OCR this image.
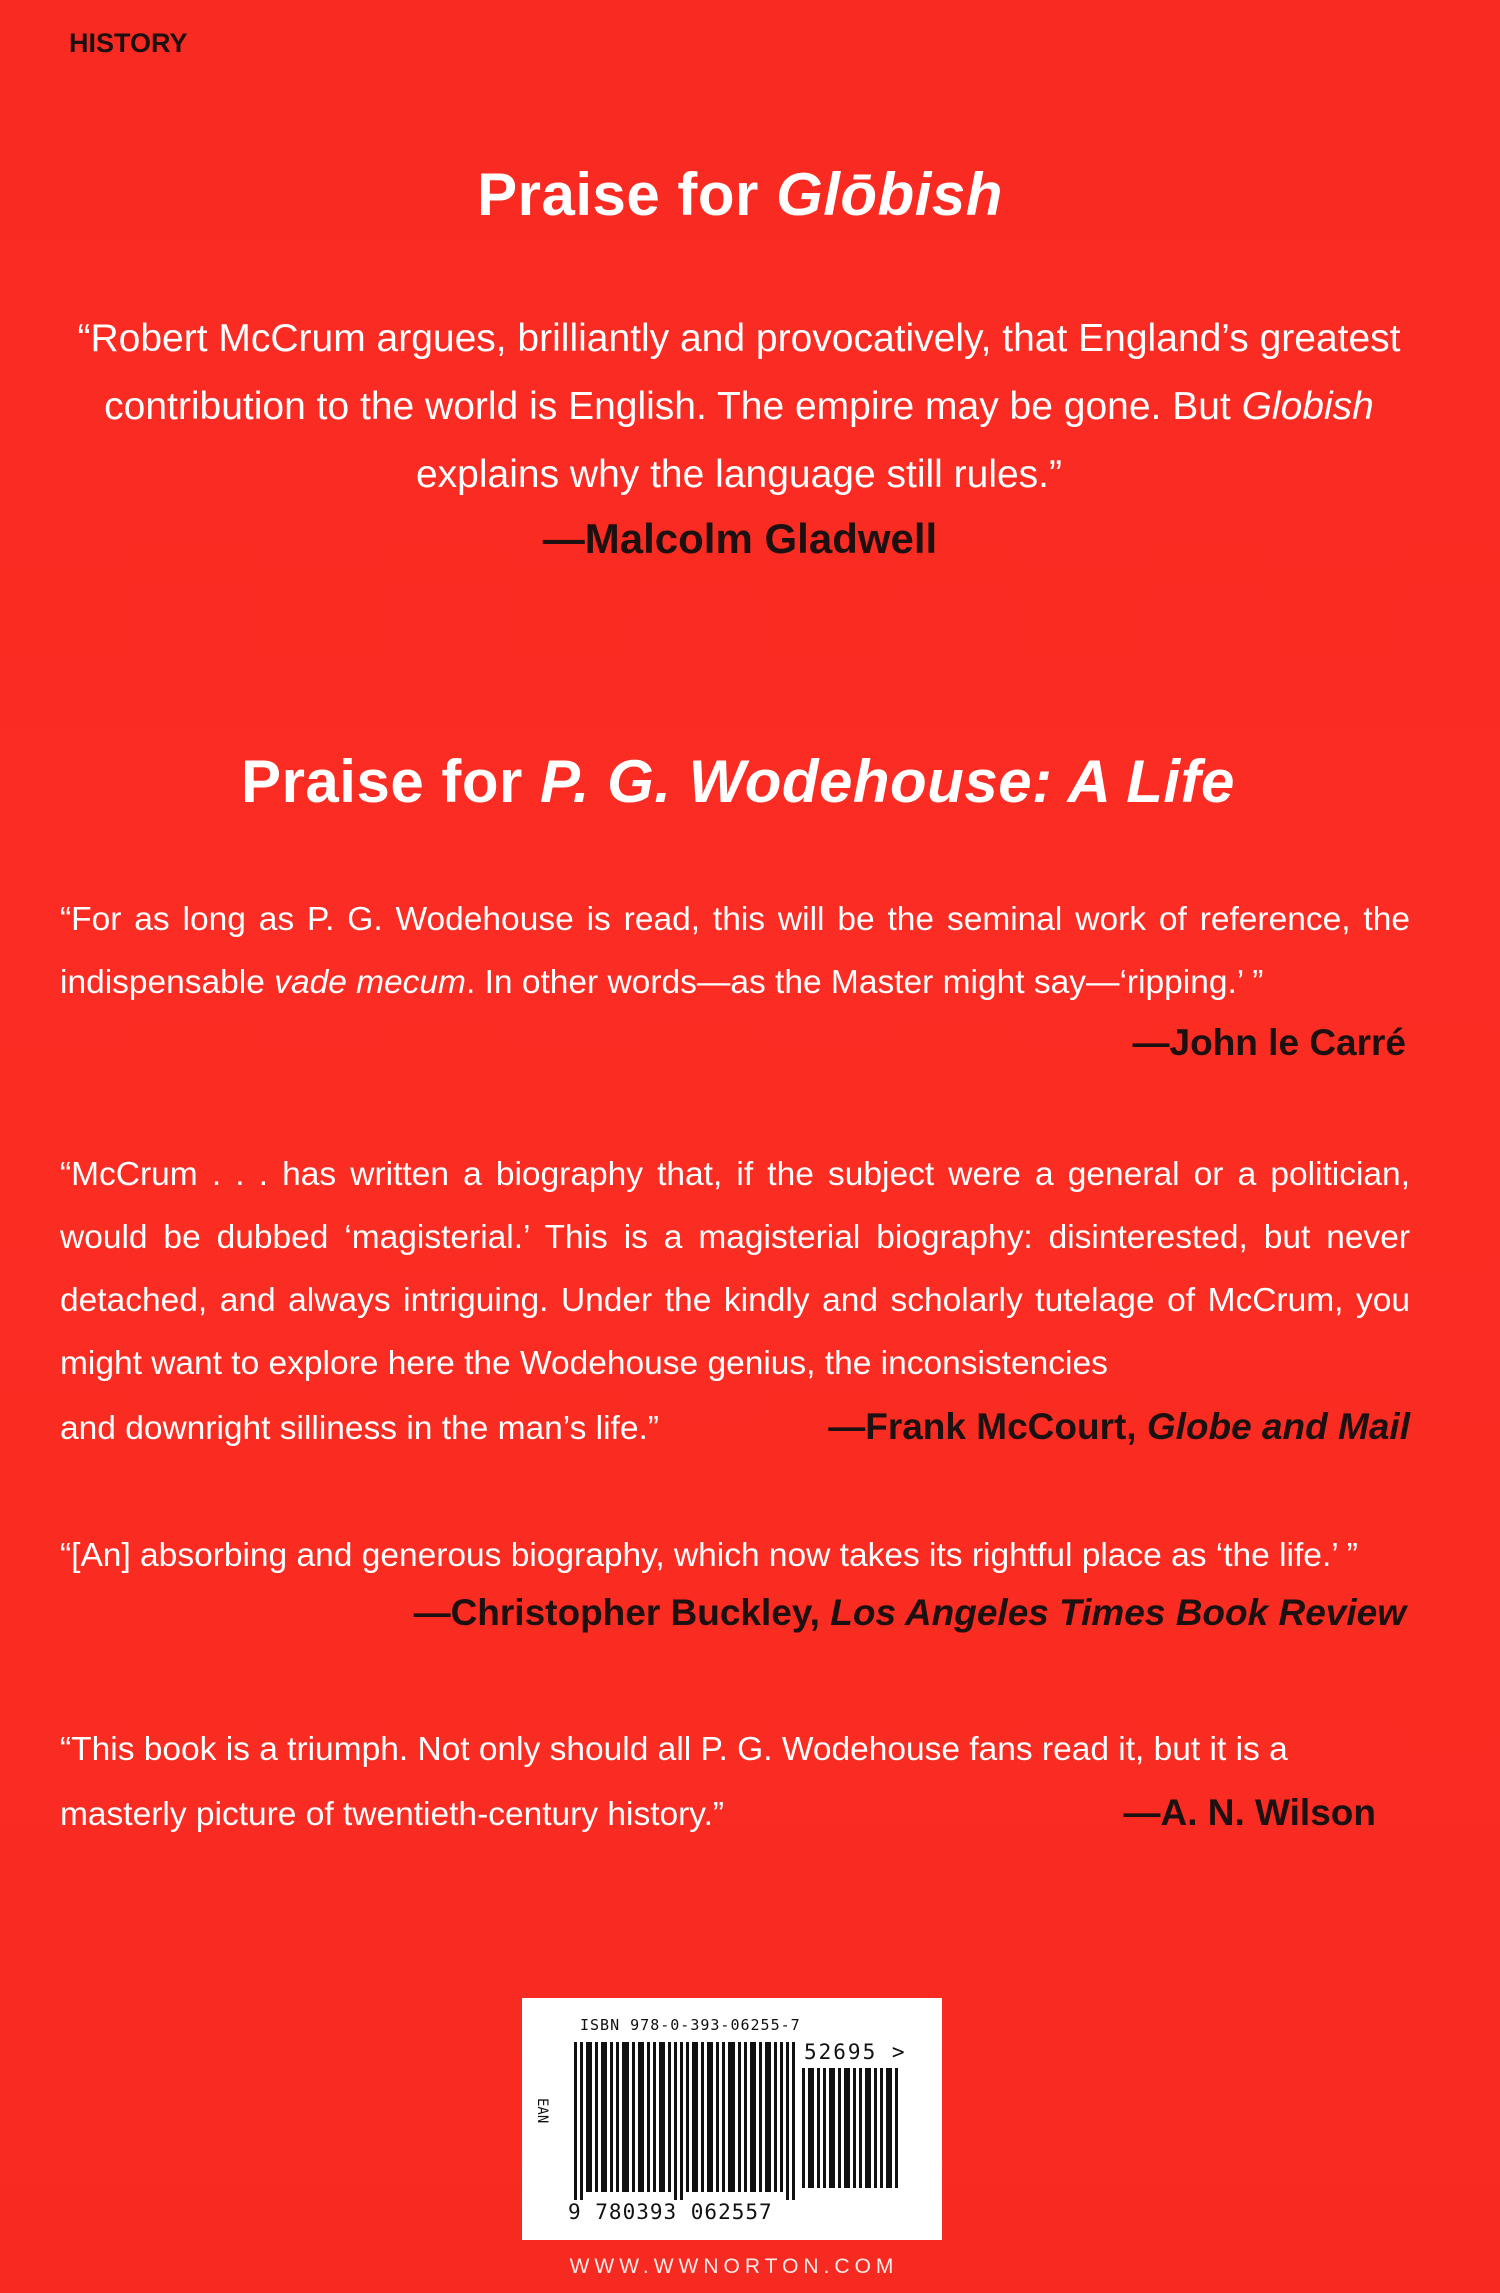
HISTORY
Praise for Glōbish
“Robert McCrum argues, brilliantly and provocatively, that England’s greatest contribution to the world is English. The empire may be gone. But Globish explains why the language still rules.”
—Malcolm Gladwell
Praise for P. G. Wodehouse: A Life
“For as long as P. G. Wodehouse is read, this will be the seminal work of reference, the indispensable vade mecum. In other words—as the Master might say—‘ripping.’ ”
—John le Carré
“McCrum . . . has written a biography that, if the subject were a general or a politician, would be dubbed ‘magisterial.’ This is a magisterial biography: disinterested, but never detached, and always intriguing. Under the kindly and scholarly tutelage of McCrum, you might want to explore here the Wodehouse genius, the inconsistencies
and downright silliness in the man’s life.”	—Frank McCourt, Globe and Mail
“[An] absorbing and generous biography, which now takes its rightful place as ‘the life.’ ”
—Christopher Buckley, Los Angeles Times Book Review
“This book is a triumph. Not only should all P. G. Wodehouse fans read it, but it is a
masterly picture of twentieth-century history.”	—A. N. Wilson
ISBN 978-0-393-06255-7
EAN
52695 >
9 780393 062557
WWW.WWNORTON.COM
